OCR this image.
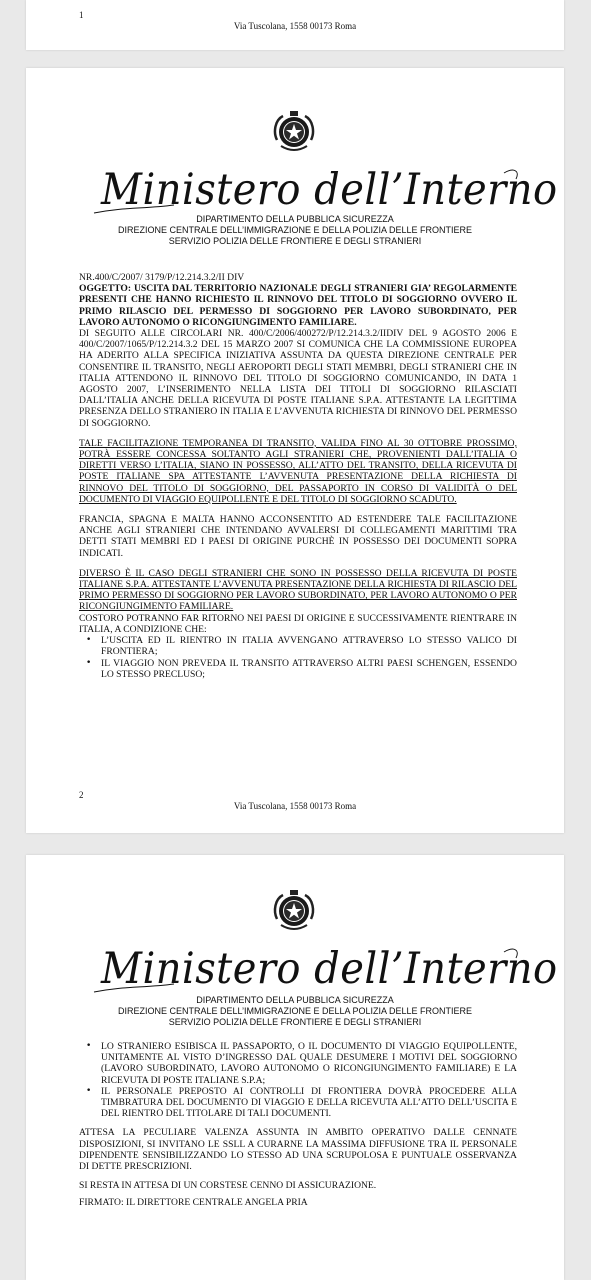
1
Via Tuscolana, 1558 00173 Roma
Ministero dell’Interno
DIPARTIMENTO DELLA PUBBLICA SICUREZZA
DIREZIONE CENTRALE DELL’IMMIGRAZIONE E DELLA POLIZIA DELLE FRONTIERE
SERVIZIO POLIZIA DELLE FRONTIERE E DEGLI STRANIERI

NR.400/C/2007/ 3179/P/12.214.3.2/II DIV

OGGETTO: USCITA DAL TERRITORIO NAZIONALE DEGLI STRANIERI GIA’ REGOLARMENTE PRESENTI CHE HANNO RICHIESTO IL RINNOVO DEL TITOLO DI SOGGIORNO OVVERO IL PRIMO RILASCIO DEL PERMESSO DI SOGGIORNO PER LAVORO SUBORDINATO, PER LAVORO AUTONOMO O RICONGIUNGIMENTO FAMILIARE.

DI SEGUITO ALLE CIRCOLARI NR. 400/C/2006/400272/P/12.214.3.2/IIDIV DEL 9 AGOSTO 2006 E 400/C/2007/1065/P/12.214.3.2 DEL 15 MARZO 2007 SI COMUNICA CHE LA COMMISSIONE EUROPEA HA ADERITO ALLA SPECIFICA INIZIATIVA ASSUNTA DA QUESTA DIREZIONE CENTRALE PER CONSENTIRE IL TRANSITO, NEGLI AEROPORTI DEGLI STATI MEMBRI, DEGLI STRANIERI CHE IN ITALIA ATTENDONO IL RINNOVO DEL TITOLO DI SOGGIORNO COMUNICANDO, IN DATA 1 AGOSTO 2007, L’INSERIMENTO NELLA LISTA DEI TITOLI DI SOGGIORNO RILASCIATI DALL’ITALIA ANCHE DELLA RICEVUTA DI POSTE ITALIANE S.P.A. ATTESTANTE LA LEGITTIMA PRESENZA DELLO STRANIERO IN ITALIA E L’AVVENUTA RICHIESTA DI RINNOVO DEL PERMESSO DI SOGGIORNO.

TALE FACILITAZIONE TEMPORANEA DI TRANSITO, VALIDA FINO AL 30 OTTOBRE PROSSIMO, POTRÀ ESSERE CONCESSA SOLTANTO AGLI STRANIERI CHE, PROVENIENTI DALL’ITALIA O DIRETTI VERSO L’ITALIA, SIANO IN POSSESSO, ALL’ATTO DEL TRANSITO, DELLA RICEVUTA DI POSTE ITALIANE SPA ATTESTANTE L’AVVENUTA PRESENTAZIONE DELLA RICHIESTA DI RINNOVO DEL TITOLO DI SOGGIORNO, DEL PASSAPORTO IN CORSO DI VALIDITÀ O DEL DOCUMENTO DI VIAGGIO EQUIPOLLENTE E DEL TITOLO DI SOGGIORNO SCADUTO.

FRANCIA, SPAGNA E MALTA HANNO ACCONSENTITO AD ESTENDERE TALE FACILITAZIONE ANCHE AGLI STRANIERI CHE INTENDANO AVVALERSI DI COLLEGAMENTI MARITTIMI TRA DETTI STATI MEMBRI ED I PAESI DI ORIGINE PURCHÈ IN POSSESSO DEI DOCUMENTI SOPRA INDICATI.

DIVERSO È IL CASO DEGLI STRANIERI CHE SONO IN POSSESSO DELLA RICEVUTA DI POSTE ITALIANE S.P.A. ATTESTANTE L’AVVENUTA PRESENTAZIONE DELLA RICHIESTA DI RILASCIO DEL PRIMO PERMESSO DI SOGGIORNO PER LAVORO SUBORDINATO, PER LAVORO AUTONOMO O PER RICONGIUNGIMENTO FAMILIARE.

COSTORO POTRANNO FAR RITORNO NEI PAESI DI ORIGINE E SUCCESSIVAMENTE RIENTRARE IN ITALIA, A CONDIZIONE CHE:

• L’USCITA ED IL RIENTRO IN ITALIA AVVENGANO ATTRAVERSO LO STESSO VALICO DI FRONTIERA;
• IL VIAGGIO NON PREVEDA IL TRANSITO ATTRAVERSO ALTRI PAESI SCHENGEN, ESSENDO LO STESSO PRECLUSO;
2
Via Tuscolana, 1558 00173 Roma
Ministero dell’Interno
DIPARTIMENTO DELLA PUBBLICA SICUREZZA
DIREZIONE CENTRALE DELL’IMMIGRAZIONE E DELLA POLIZIA DELLE FRONTIERE
SERVIZIO POLIZIA DELLE FRONTIERE E DEGLI STRANIERI
• LO STRANIERO ESIBISCA IL PASSAPORTO, O IL DOCUMENTO DI VIAGGIO EQUIPOLLENTE, UNITAMENTE AL VISTO D’INGRESSO DAL QUALE DESUMERE I MOTIVI DEL SOGGIORNO (LAVORO SUBORDINATO, LAVORO AUTONOMO O RICONGIUNGIMENTO FAMILIARE) E LA RICEVUTA DI POSTE ITALIANE S.P.A;
• IL PERSONALE PREPOSTO AI CONTROLLI DI FRONTIERA DOVRÀ PROCEDERE ALLA TIMBRATURA DEL DOCUMENTO DI VIAGGIO E DELLA RICEVUTA ALL’ATTO DELL’USCITA E DEL RIENTRO DEL TITOLARE DI TALI DOCUMENTI.

ATTESA LA PECULIARE VALENZA ASSUNTA IN AMBITO OPERATIVO DALLE CENNATE DISPOSIZIONI, SI INVITANO LE SSLL A CURARNE LA MASSIMA DIFFUSIONE TRA IL PERSONALE DIPENDENTE SENSIBILIZZANDO LO STESSO AD UNA SCRUPOLOSA E PUNTUALE OSSERVANZA DI DETTE PRESCRIZIONI.

SI RESTA IN ATTESA DI UN CORSTESE CENNO DI ASSICURAZIONE.

FIRMATO: IL DIRETTORE CENTRALE ANGELA PRIA
